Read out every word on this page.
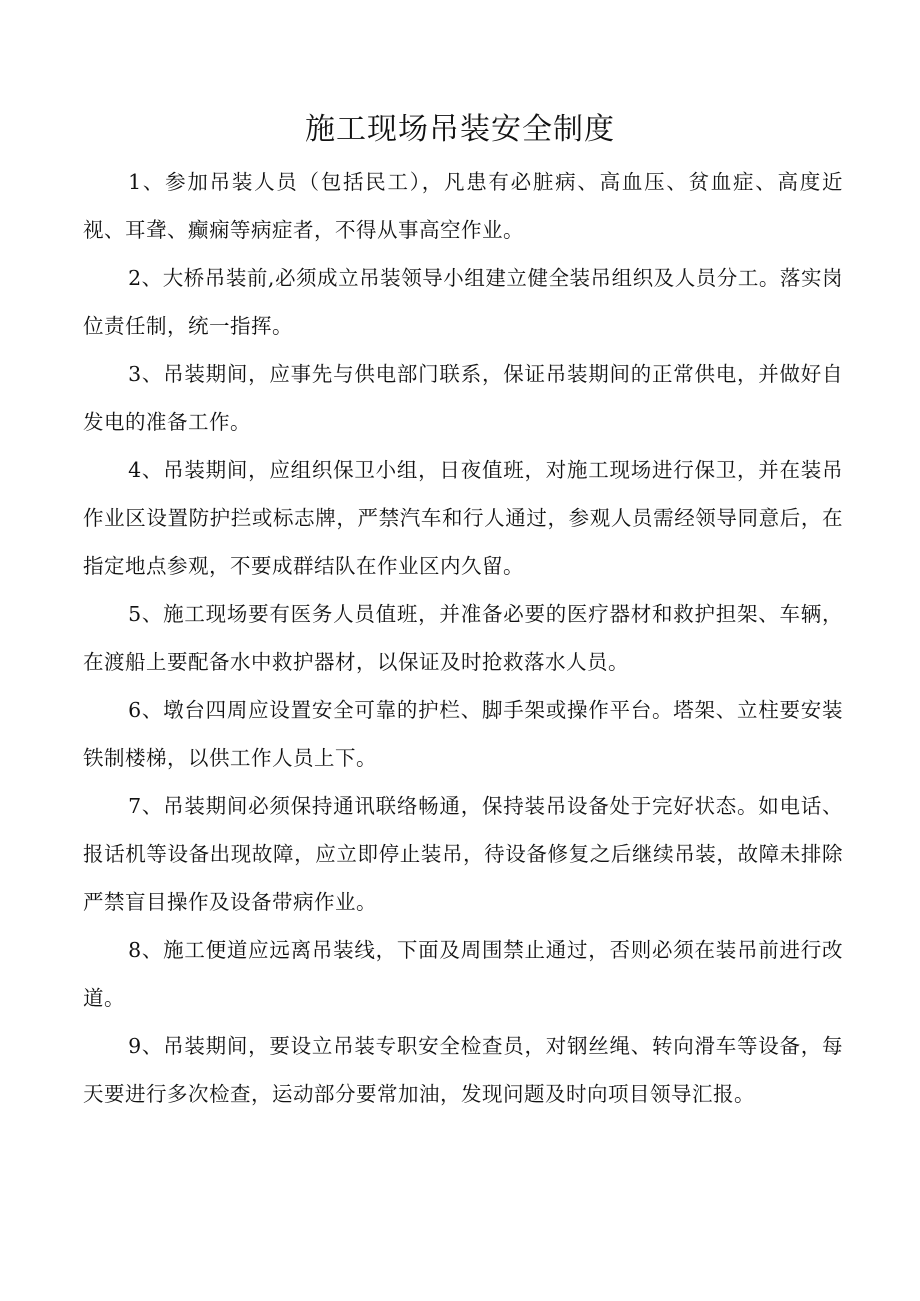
施工现场吊装安全制度

1、参加吊装人员（包括民工），凡患有必脏病、高血压、贫血症、高度近视、耳聋、癫痫等病症者，不得从事高空作业。

2、大桥吊装前,必须成立吊装领导小组建立健全装吊组织及人员分工。落实岗位责任制，统一指挥。

3、吊装期间，应事先与供电部门联系，保证吊装期间的正常供电，并做好自发电的准备工作。

4、吊装期间，应组织保卫小组，日夜值班，对施工现场进行保卫，并在装吊作业区设置防护拦或标志牌，严禁汽车和行人通过，参观人员需经领导同意后，在指定地点参观，不要成群结队在作业区内久留。

5、施工现场要有医务人员值班，并准备必要的医疗器材和救护担架、车辆，在渡船上要配备水中救护器材，以保证及时抢救落水人员。

6、墩台四周应设置安全可靠的护栏、脚手架或操作平台。塔架、立柱要安装铁制楼梯，以供工作人员上下。

7、吊装期间必须保持通讯联络畅通，保持装吊设备处于完好状态。如电话、报话机等设备出现故障，应立即停止装吊，待设备修复之后继续吊装，故障未排除严禁盲目操作及设备带病作业。

8、施工便道应远离吊装线，下面及周围禁止通过，否则必须在装吊前进行改道。

9、吊装期间，要设立吊装专职安全检查员，对钢丝绳、转向滑车等设备，每天要进行多次检查，运动部分要常加油，发现问题及时向项目领导汇报。
